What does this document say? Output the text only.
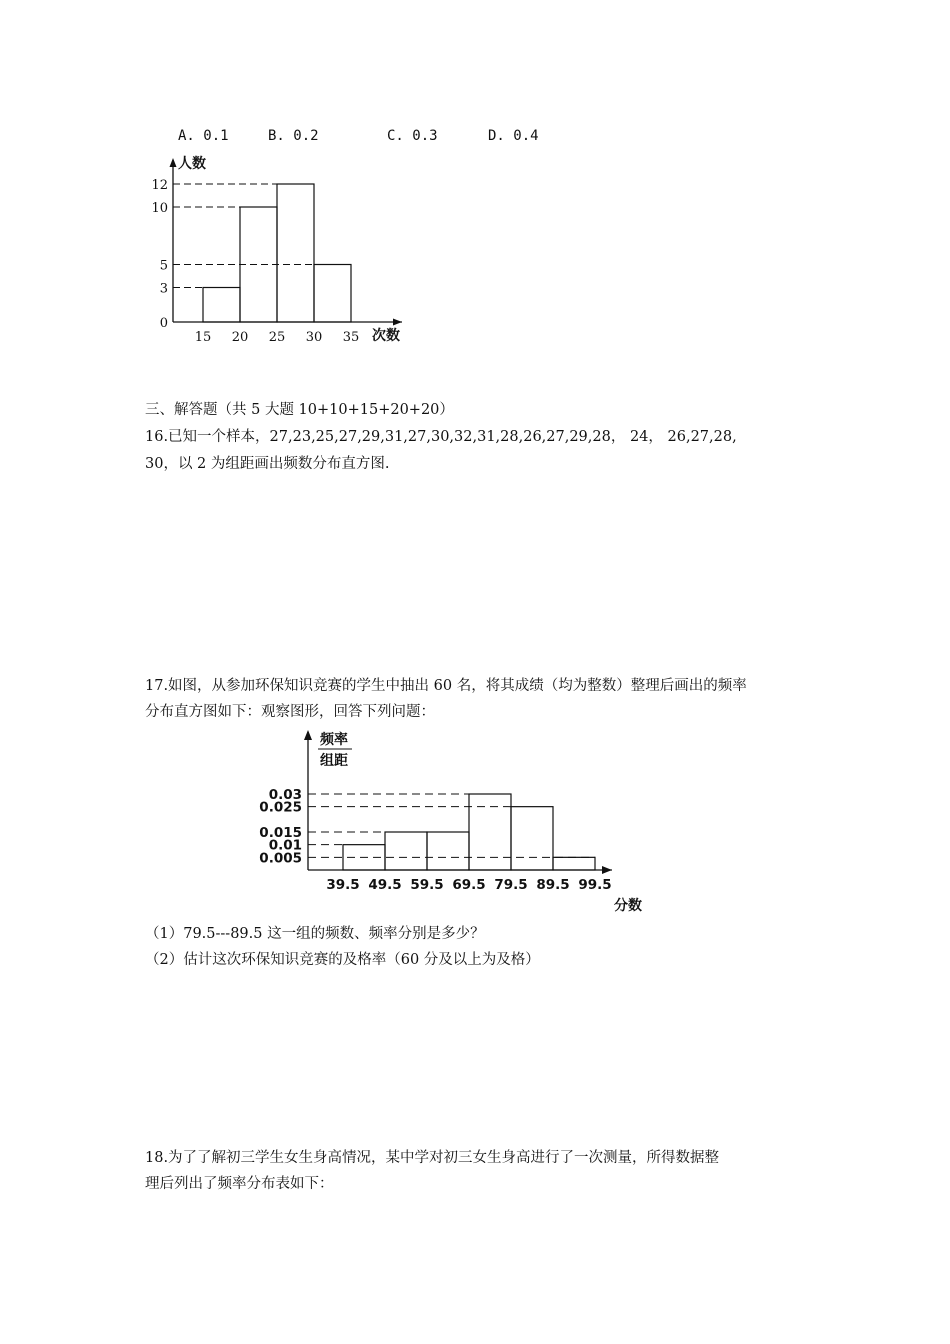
A. 0.1	B. 0.2	C. 0.3	D. 0.4
0
3
5
10
12
15 20 25 30 35
人数
次数
三、解答题（共 5 大题 10+10+15+20+20）
16.已知一个样本，27,23,25,27,29,31,27,30,32,31,28,26,27,29,28， 24， 26,27,28,
30，以 2 为组距画出频数分布直方图.
17.如图，从参加环保知识竞赛的学生中抽出 60 名，将其成绩（均为整数）整理后画出的频率
分布直方图如下：观察图形，回答下列问题：
0.005
0.01
0.015
0.025
0.03
39.5 49.5 59.5 69.5 79.5 89.5 99.5
频率
组距
分数
（1）79.5---89.5 这一组的频数、频率分别是多少？
（2）估计这次环保知识竞赛的及格率（60 分及以上为及格）
18.为了了解初三学生女生身高情况，某中学对初三女生身高进行了一次测量，所得数据整
理后列出了频率分布表如下：
